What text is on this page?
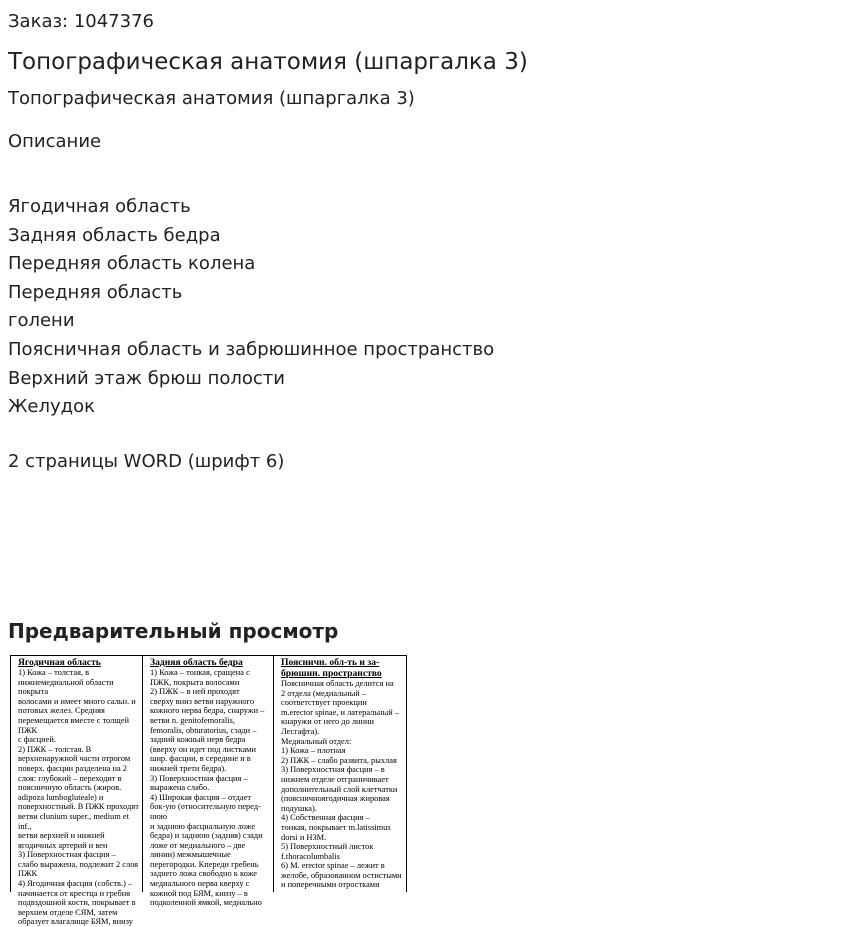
Заказ: 1047376
Топографическая анатомия (шпаргалка 3)
Топографическая анатомия (шпаргалка 3)
Описание
Ягодичная область
Задняя область бедра
Передняя область колена
Передняя область
голени
Поясничная область и забрюшинное пространство
Верхний этаж брюш полости
Желудок
2 страницы WORD (шрифт 6)
Предварительный просмотр
Ягодичная область

1) Кожа – толстая, в

нижнемедиальной области покрыта

волосами и имеет много сальн. и

потовых желез. Средняя

перемещается вместе с толщей ПЖК

с фасцией.

2) ПЖК – толстая. В

верхненаружной части отрогом

поверх. фасции разделена на 2

слоя: глубокий – переходит в

поясничную область (жиров.

adipoza lumbogluteale) и

поверхностный. В ПЖК проходят

ветви clunium super., medium et inf.,

ветви верхней и нижней

ягодичных артерий и вен

3) Поверхностная фасция –

слабо выражена, подлежит 2 слоя

ПЖК

4) Ягодичная фасция (собств.) –

начинается от крестца и гребня

подвздошной кости, покрывает в

верхнем отделе СЯМ, затем

образует влагалище БЯМ, внизу

Задняя область бедра

1) Кожа – тонкая, сращена с

ПЖК, покрыта волосами

2) ПЖК – в ней проходят

сверху вниз ветви наружного

кожного нерва бедра, снаружи –

ветви n. genitofemoralis,

femoralis, obturatorius, сзади –

задний кожный нерв бедра

(вверху он идет под листками

шир. фасции, в середине и в

нижней трети бедра).

3) Поверхностная фасция –

выражена слабо.

4) Широкая фасция – отдает

бок-ую (относительную перед-нюю

и заднюю фасциальную ложе

бедра) и заднюю (задняя) сзади

ложе от медиального – две

линии) межмышечные

перегородки. Кпереди гребень

заднего ложа свободно к коже

медиального нерва кверху с

кожной под БЯМ, книзу – в

подколенной ямкой, медиально

Поясничн. обл-ть и за-брюшин. пространство

Поясничная область делится на

2 отдела (медиальный –

соответствует проекции

m.erector spinae, и латеральный –

кнаружи от него до линии

Лесгафта).

Медиальный отдел:

1) Кожа – плотная

2) ПЖК – слабо развита, рыхлая

3) Поверхностная фасция – в

нижнем отделе отграничивает

дополнительный слой клетчатки

(поясничноягодичная жировая

подушка).

4) Собственная фасция –

тонкая, покрывает m.latissimus

dorsi и НЗМ.

5) Поверхностный листок

f.thoracolumbalis

6) M. erector spinae – лежит в

желобе, образованном остистыми

и поперечными отростками
